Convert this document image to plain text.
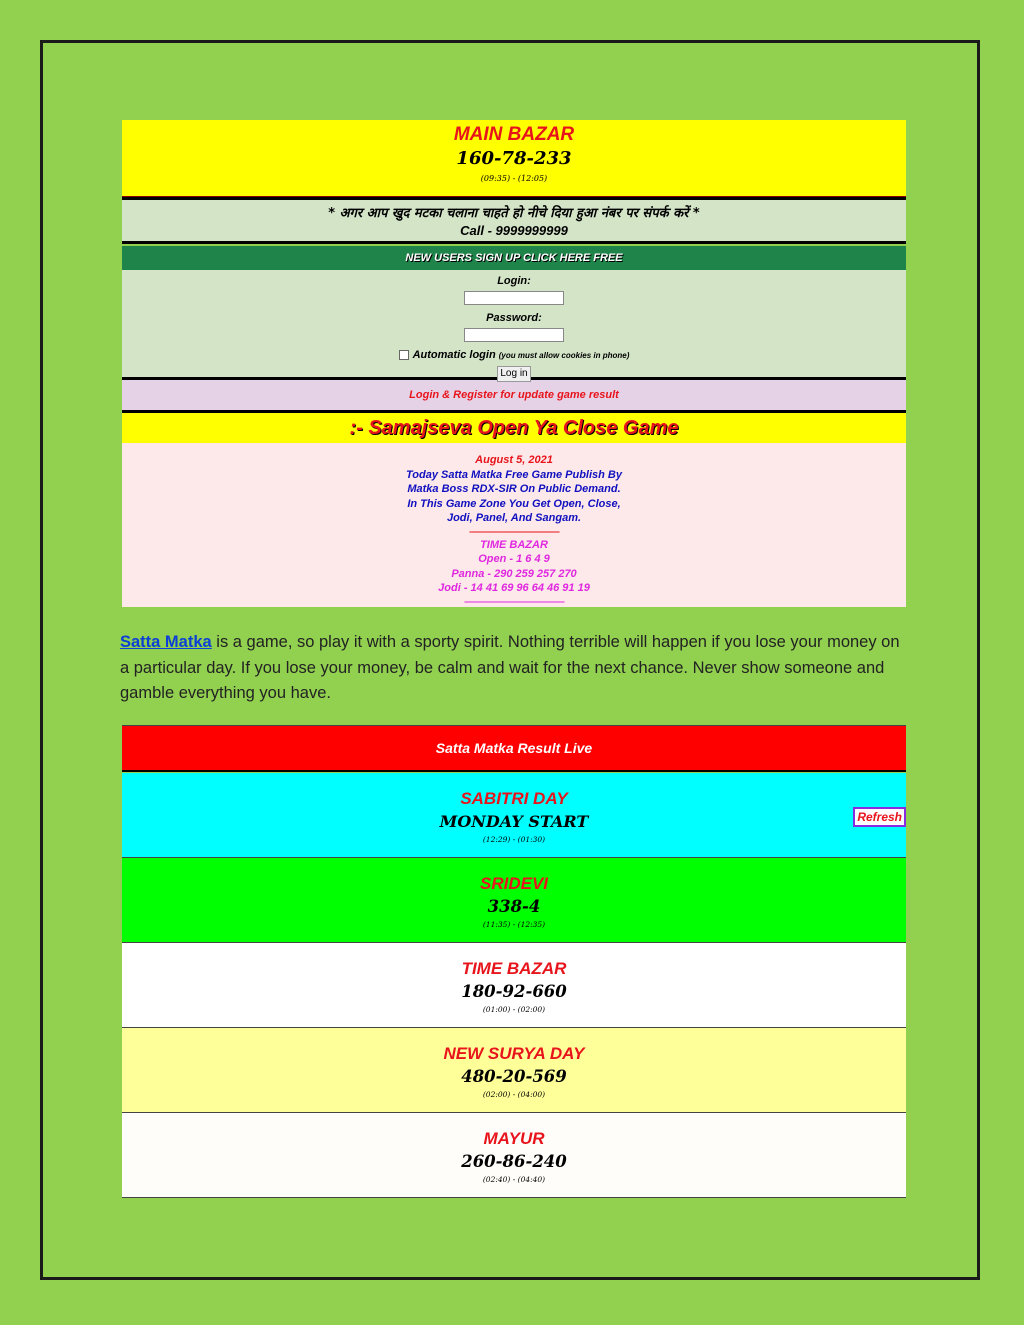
MAIN BAZAR
160-78-233
(09:35) - (12:05)
* अगर आप खुद मटका चलाना चाहते हो नीचे दिया हुआ नंबर पर संपर्क करें *
Call - 9999999999
NEW USERS SIGN UP CLICK HERE FREE
Login:
Password:
Automatic login (you must allow cookies in phone)
Log in
Login & Register for update game result
:- Samajseva Open Ya Close Game
August 5, 2021
Today Satta Matka Free Game Publish By
Matka Boss RDX-SIR On Public Demand.
In This Game Zone You Get Open, Close,
Jodi, Panel, And Sangam.
------------------------------------------------------
TIME BAZAR
Open - 1 6 4 9
Panna - 290 259 257 270
Jodi - 14 41 69 96 64 46 91 19
------------------------------------------------------------
Satta Matka is a game, so play it with a sporty spirit. Nothing terrible will happen if you lose your money on a particular day. If you lose your money, be calm and wait for the next chance. Never show someone and gamble everything you have.
Satta Matka Result Live
SABITRI DAY
MONDAY START
(12:29) - (01:30)
Refresh
SRIDEVI
338-4
(11:35) - (12:35)
TIME BAZAR
180-92-660
(01:00) - (02:00)
NEW SURYA DAY
480-20-569
(02:00) - (04:00)
MAYUR
260-86-240
(02:40) - (04:40)
